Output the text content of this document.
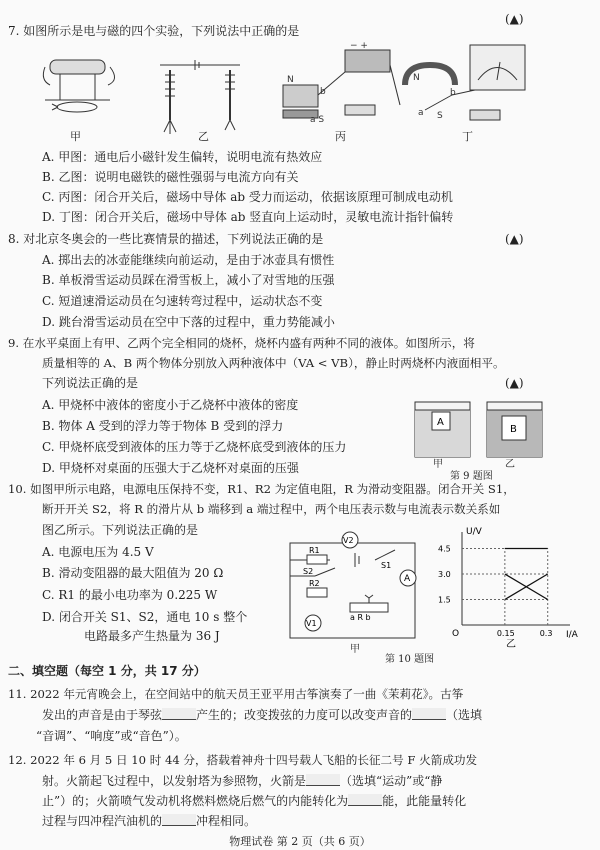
7. 如图所示是电与磁的四个实验，下列说法中正确的是
(▲)
− +
N
a S
b
N
S
a
b
甲	乙	丙	丁
A. 甲图：通电后小磁针发生偏转，说明电流有热效应
B. 乙图：说明电磁铁的磁性强弱与电流方向有关
C. 丙图：闭合开关后，磁场中导体 ab 受力而运动，依据该原理可制成电动机
D. 丁图：闭合开关后，磁场中导体 ab 竖直向上运动时，灵敏电流计指针偏转
8. 对北京冬奥会的一些比赛情景的描述，下列说法正确的是	(▲)
A. 掷出去的冰壶能继续向前运动，是由于冰壶具有惯性
B. 单板滑雪运动员踩在滑雪板上，减小了对雪地的压强
C. 短道速滑运动员在匀速转弯过程中，运动状态不变
D. 跳台滑雪运动员在空中下落的过程中，重力势能减小
9. 在水平桌面上有甲、乙两个完全相同的烧杯，烧杯内盛有两种不同的液体。如图所示，将
质量相等的 A、B 两个物体分别放入两种液体中（VA < VB），静止时两烧杯内液面相平。
下列说法正确的是	(▲)
A. 甲烧杯中液体的密度小于乙烧杯中液体的密度
B. 物体 A 受到的浮力等于物体 B 受到的浮力
C. 甲烧杯底受到液体的压力等于乙烧杯底受到液体的压力
D. 甲烧杯对桌面的压强大于乙烧杯对桌面的压强
A
B
甲	乙
第 9 题图
10. 如图甲所示电路，电源电压保持不变，R1、R2 为定值电阻，R 为滑动变阻器。闭合开关 S1，
断开开关 S2，将 R 的滑片从 b 端移到 a 端过程中，两个电压表示数与电流表示数关系如
图乙所示。下列说法正确的是
A. 电源电压为 4.5 V
B. 滑动变阻器的最大阻值为 20 Ω
C. R1 的最小电功率为 0.225 W
D. 闭合开关 S1、S2，通电 10 s 整个
电路最多产生热量为 36 J
V2
A
V1
R1
R2
S2
S1
a R b
甲
I/A
U/V
O
乙
0.15	0.3
1.5
3.0
4.5
第 10 题图
二、填空题（每空 1 分，共 17 分）
11. 2022 年元宵晚会上，在空间站中的航天员王亚平用古筝演奏了一曲《茉莉花》。古筝
发出的声音是由于琴弦	产生的；改变拨弦的力度可以改变声音的	（选填
“音调”、“响度”或“音色”）。
12. 2022 年 6 月 5 日 10 时 44 分，搭载着神舟十四号载人飞船的长征二号 F 火箭成功发
射。火箭起飞过程中，以发射塔为参照物，火箭是	（选填“运动”或“静
止”）的；火箭喷气发动机将燃料燃烧后燃气的内能转化为	能，此能量转化
过程与四冲程汽油机的	冲程相同。
物理试卷 第 2 页（共 6 页）
